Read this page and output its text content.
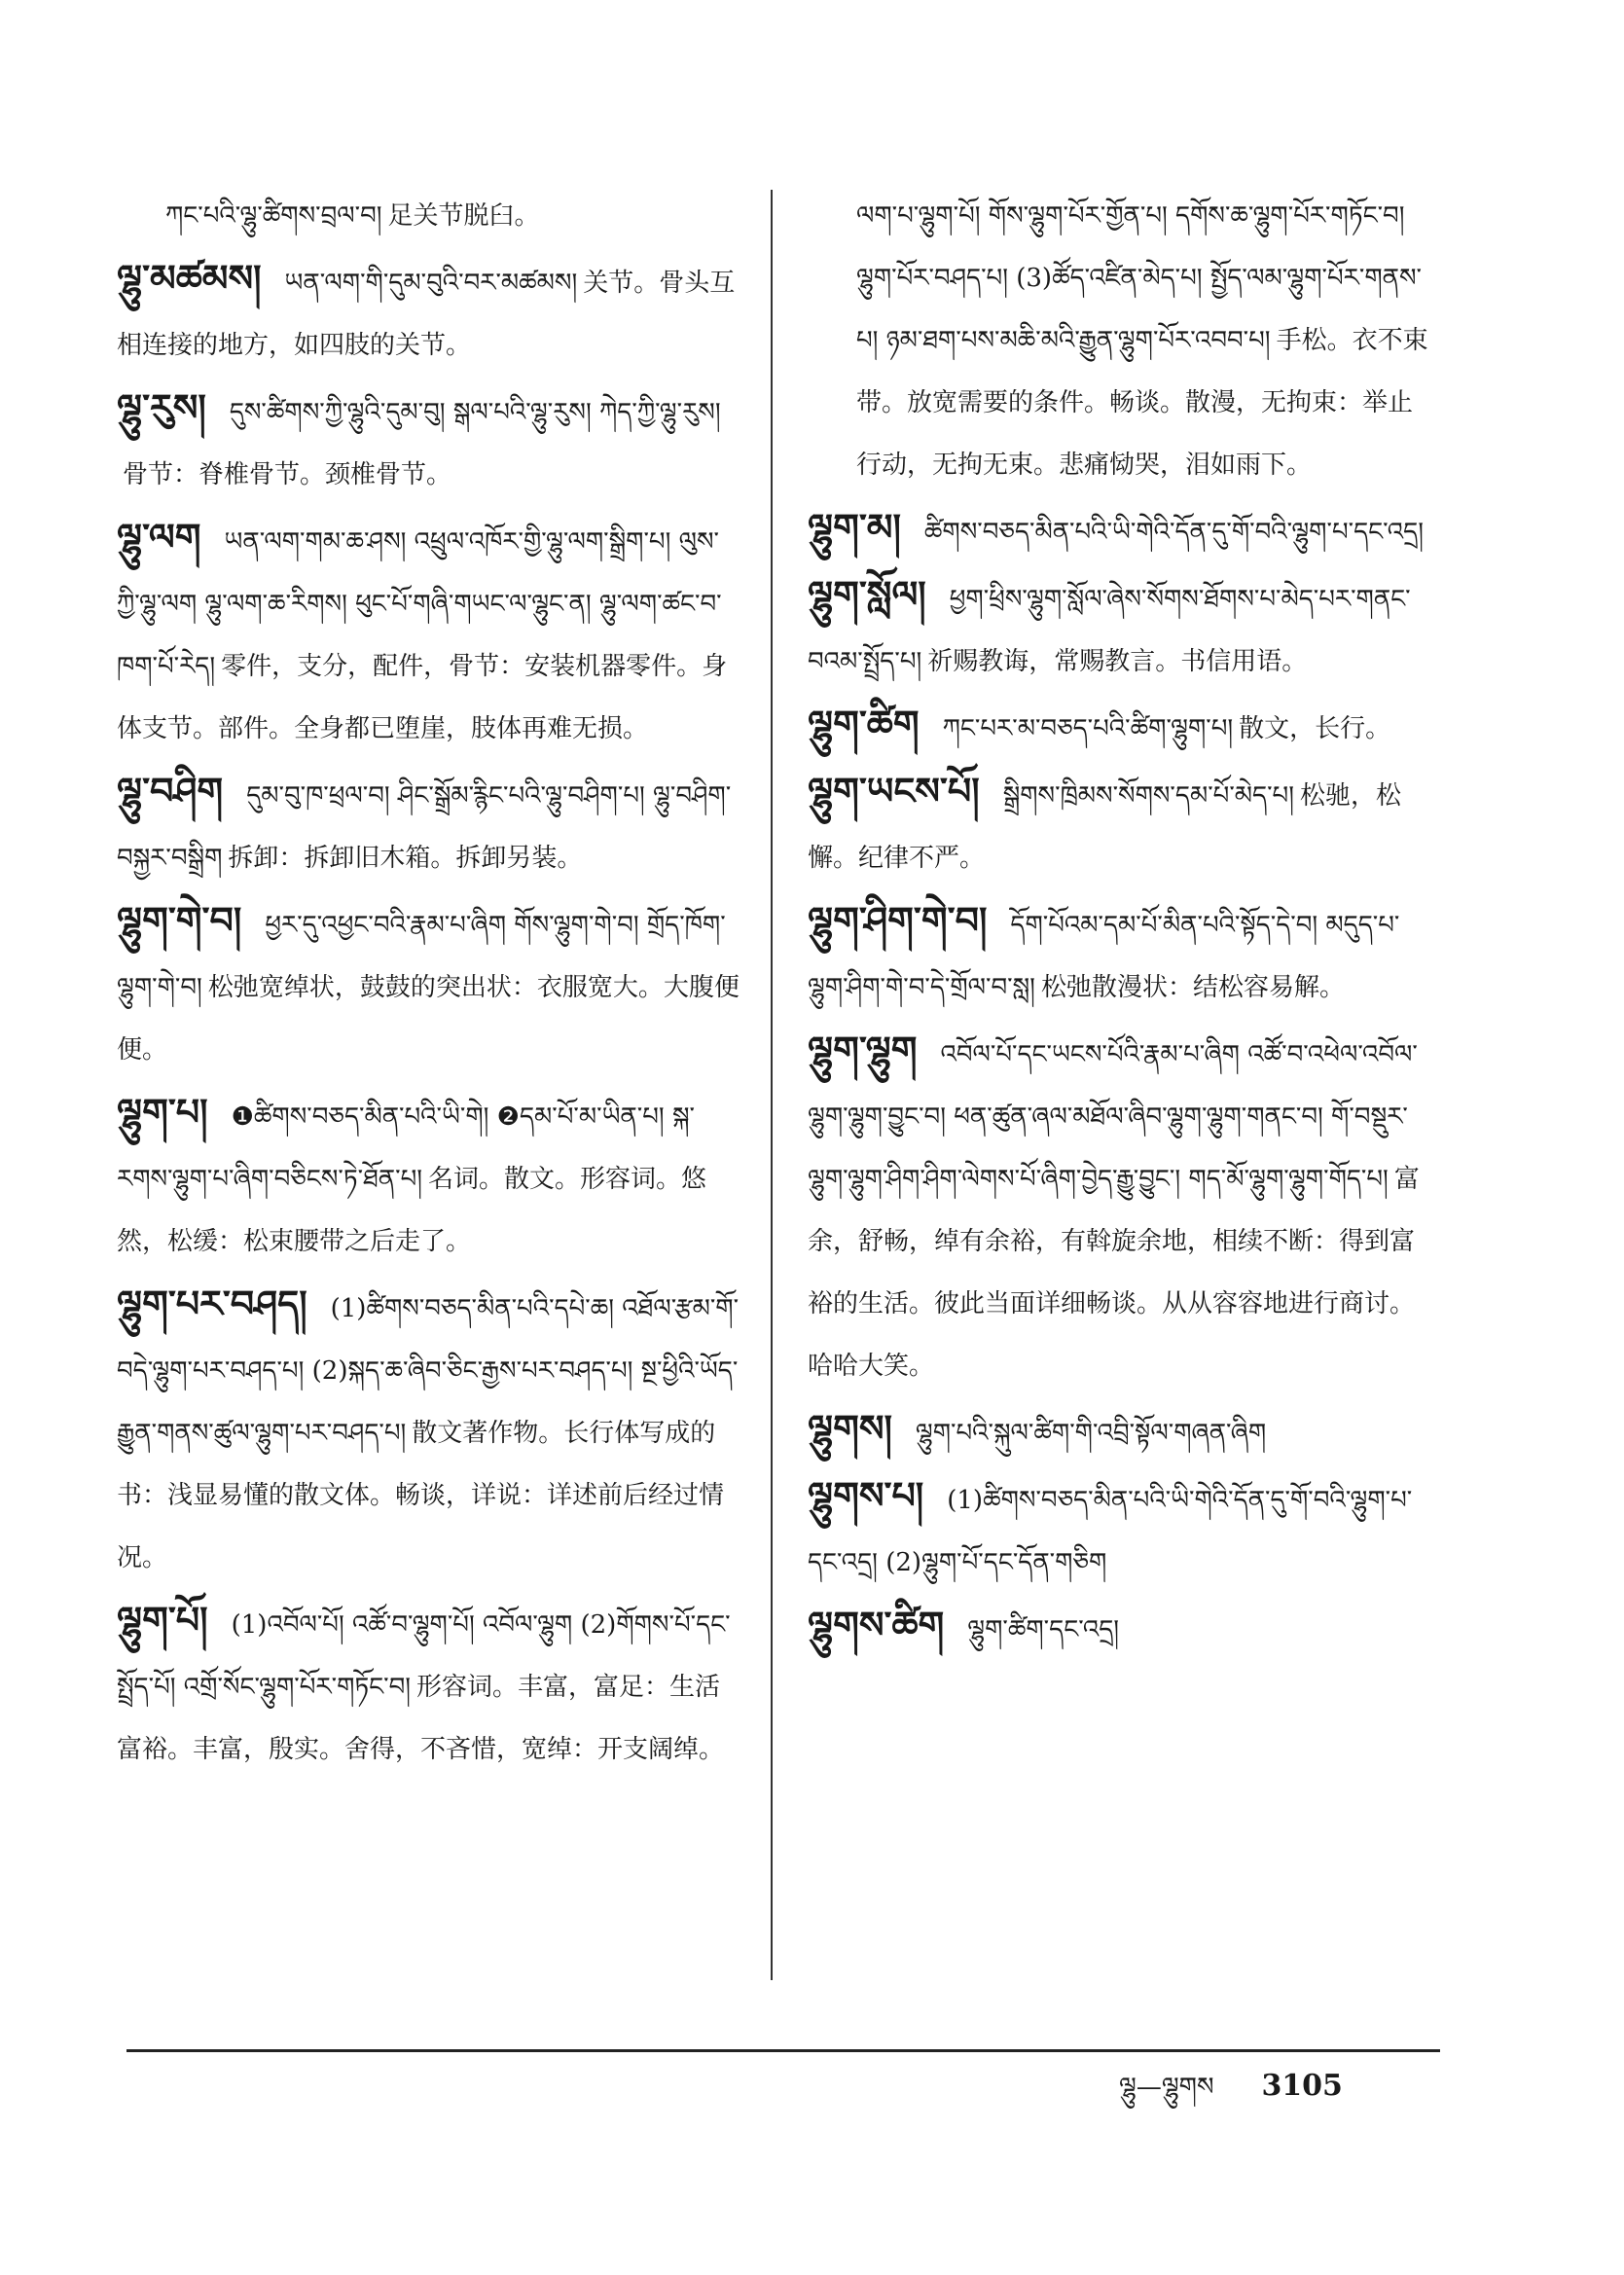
ཀང་པའི་ལྷུ་ཚིགས་བྲལ་བ། 足关节脱臼。

ལྷུ་མཚམས། ཡན་ལག་གི་དུམ་བུའི་བར་མཚམས། 关节。骨头互相连接的地方，如四肢的关节。

ལྷུ་རུས། དུས་ཚིགས་ཀྱི་ལྷུའི་དུམ་བུ། སྒལ་པའི་ལྷུ་རུས། ཀེད་ཀྱི་ལྷུ་རུས།骨节：脊椎骨节。颈椎骨节。

ལྷུ་ལག ཡན་ལག་གམ་ཆ་ཤས། འཕྲུལ་འཁོར་གྱི་ལྷུ་ལག་སྒྲིག་པ། ལུས་ཀྱི་ལྷུ་ལག ལྷུ་ལག་ཆ་རིགས། ཕུང་པོ་གཞི་གཡང་ལ་ལྷུང་ན། ལྷུ་ལག་ཚང་བ་ཁག་པོ་རེད། 零件，支分，配件，骨节：安装机器零件。身体支节。部件。全身都已堕崖，肢体再难无损。

ལྷུ་བཤིག དུམ་བུ་ཁ་ཕྲལ་བ། ཤིང་སྒྲོམ་རྙིང་པའི་ལྷུ་བཤིག་པ། ལྷུ་བཤིག་བསྐྱར་བསྒྲིག 拆卸：拆卸旧木箱。拆卸另装。

ལྷུག་གེ་བ། ཕྱར་དུ་འཕྱང་བའི་རྣམ་པ་ཞིག གོས་ལྷུག་གེ་བ། གྲོད་ཁོག་ལྷུག་གེ་བ། 松弛宽绰状，鼓鼓的突出状：衣服宽大。大腹便便。

ལྷུག་པ། ❶ཚིགས་བཅད་མིན་པའི་ཡི་གེ། ❷དམ་པོ་མ་ཡིན་པ། སྐ་རགས་ལྷུག་པ་ཞིག་བཅིངས་ཏེ་ཐོན་པ། 名词。散文。形容词。悠然，松缓：松束腰带之后走了。

ལྷུག་པར་བཤད། (1)ཚིགས་བཅད་མིན་པའི་དཔེ་ཆ། འཐོལ་རྩམ་གོ་བདེ་ལྷུག་པར་བཤད་པ། (2)སྐད་ཆ་ཞིབ་ཅིང་རྒྱས་པར་བཤད་པ། སྔ་ཕྱིའི་ཡོད་རྒྱུན་གནས་ཚུལ་ལྷུག་པར་བཤད་པ། 散文著作物。长行体写成的书：浅显易懂的散文体。畅谈，详说：详述前后经过情况。

ལྷུག་པོ། (1)འབོལ་པོ། འཚོ་བ་ལྷུག་པོ། འབོལ་ལྷུག (2)གོགས་པོ་དང་སྤྲོད་པོ། འགྲོ་སོང་ལྷུག་པོར་གཏོང་བ། 形容词。丰富，富足：生活富裕。丰富，殷实。舍得，不吝惜，宽绰：开支阔绰。

ལག་པ་ལྷུག་པོ། གོས་ལྷུག་པོར་གྱོན་པ། དགོས་ཆ་ལྷུག་པོར་གཏོང་བ། ལྷུག་པོར་བཤད་པ། (3)ཚོད་འཛིན་མེད་པ། སྤྱོད་ལམ་ལྷུག་པོར་གནས་པ། ཉམ་ཐག་པས་མཆི་མའི་རྒྱུན་ལྷུག་པོར་འབབ་པ། 手松。衣不束带。放宽需要的条件。畅谈。散漫，无拘束：举止行动，无拘无束。悲痛恸哭，泪如雨下。

ལྷུག་མ། ཚིགས་བཅད་མིན་པའི་ཡི་གེའི་དོན་དུ་གོ་བའི་ལྷུག་པ་དང་འདྲ།

ལྷུག་སློལ། ཕྱག་ཕྲིས་ལྷུག་སློལ་ཞེས་སོགས་ཐོགས་པ་མེད་པར་གནང་བའམ་སྤྲོད་པ། 祈赐教诲，常赐教言。书信用语。

ལྷུག་ཚིག ཀང་པར་མ་བཅད་པའི་ཚིག་ལྷུག་པ། 散文，长行。

ལྷུག་ཡངས་པོ། སྒྲིགས་ཁྲིམས་སོགས་དམ་པོ་མེད་པ། 松驰，松懈。纪律不严。

ལྷུག་ཤིག་གེ་བ། དོག་པོའམ་དམ་པོ་མིན་པའི་སྟོད་དེ་བ། མདུད་པ་ལྷུག་ཤིག་གེ་བ་དེ་གྲོལ་བ་སླ། 松弛散漫状：结松容易解。

ལྷུག་ལྷུག འབོལ་པོ་དང་ཡངས་པོའི་རྣམ་པ་ཞིག འཚོ་བ་འཕེལ་འབོལ་ལྷུག་ལྷུག་བྱུང་བ། ཕན་ཚུན་ཞལ་མཐོལ་ཞིབ་ལྷུག་ལྷུག་གནང་བ། གོ་བསྡུར་ལྷུག་ལྷུག་ཤིག་ཤིག་ལེགས་པོ་ཞིག་བྱེད་རྒྱུ་བྱུང་། གད་མོ་ལྷུག་ལྷུག་གོད་པ། 富余，舒畅，绰有余裕，有斡旋余地，相续不断：得到富裕的生活。彼此当面详细畅谈。从从容容地进行商讨。哈哈大笑。

ལྷུགས། ལྷུག་པའི་སྐུལ་ཚིག་གི་འབྲི་སྟོལ་གཞན་ཞིག

ལྷུགས་པ། (1)ཚིགས་བཅད་མིན་པའི་ཡི་གེའི་དོན་དུ་གོ་བའི་ལྷུག་པ་དང་འདྲ། (2)ལྷུག་པོ་དང་དོན་གཅིག

ལྷུགས་ཚིག ལྷུག་ཚིག་དང་འདྲ།

ལྷུ—ལྷུགས 3105
